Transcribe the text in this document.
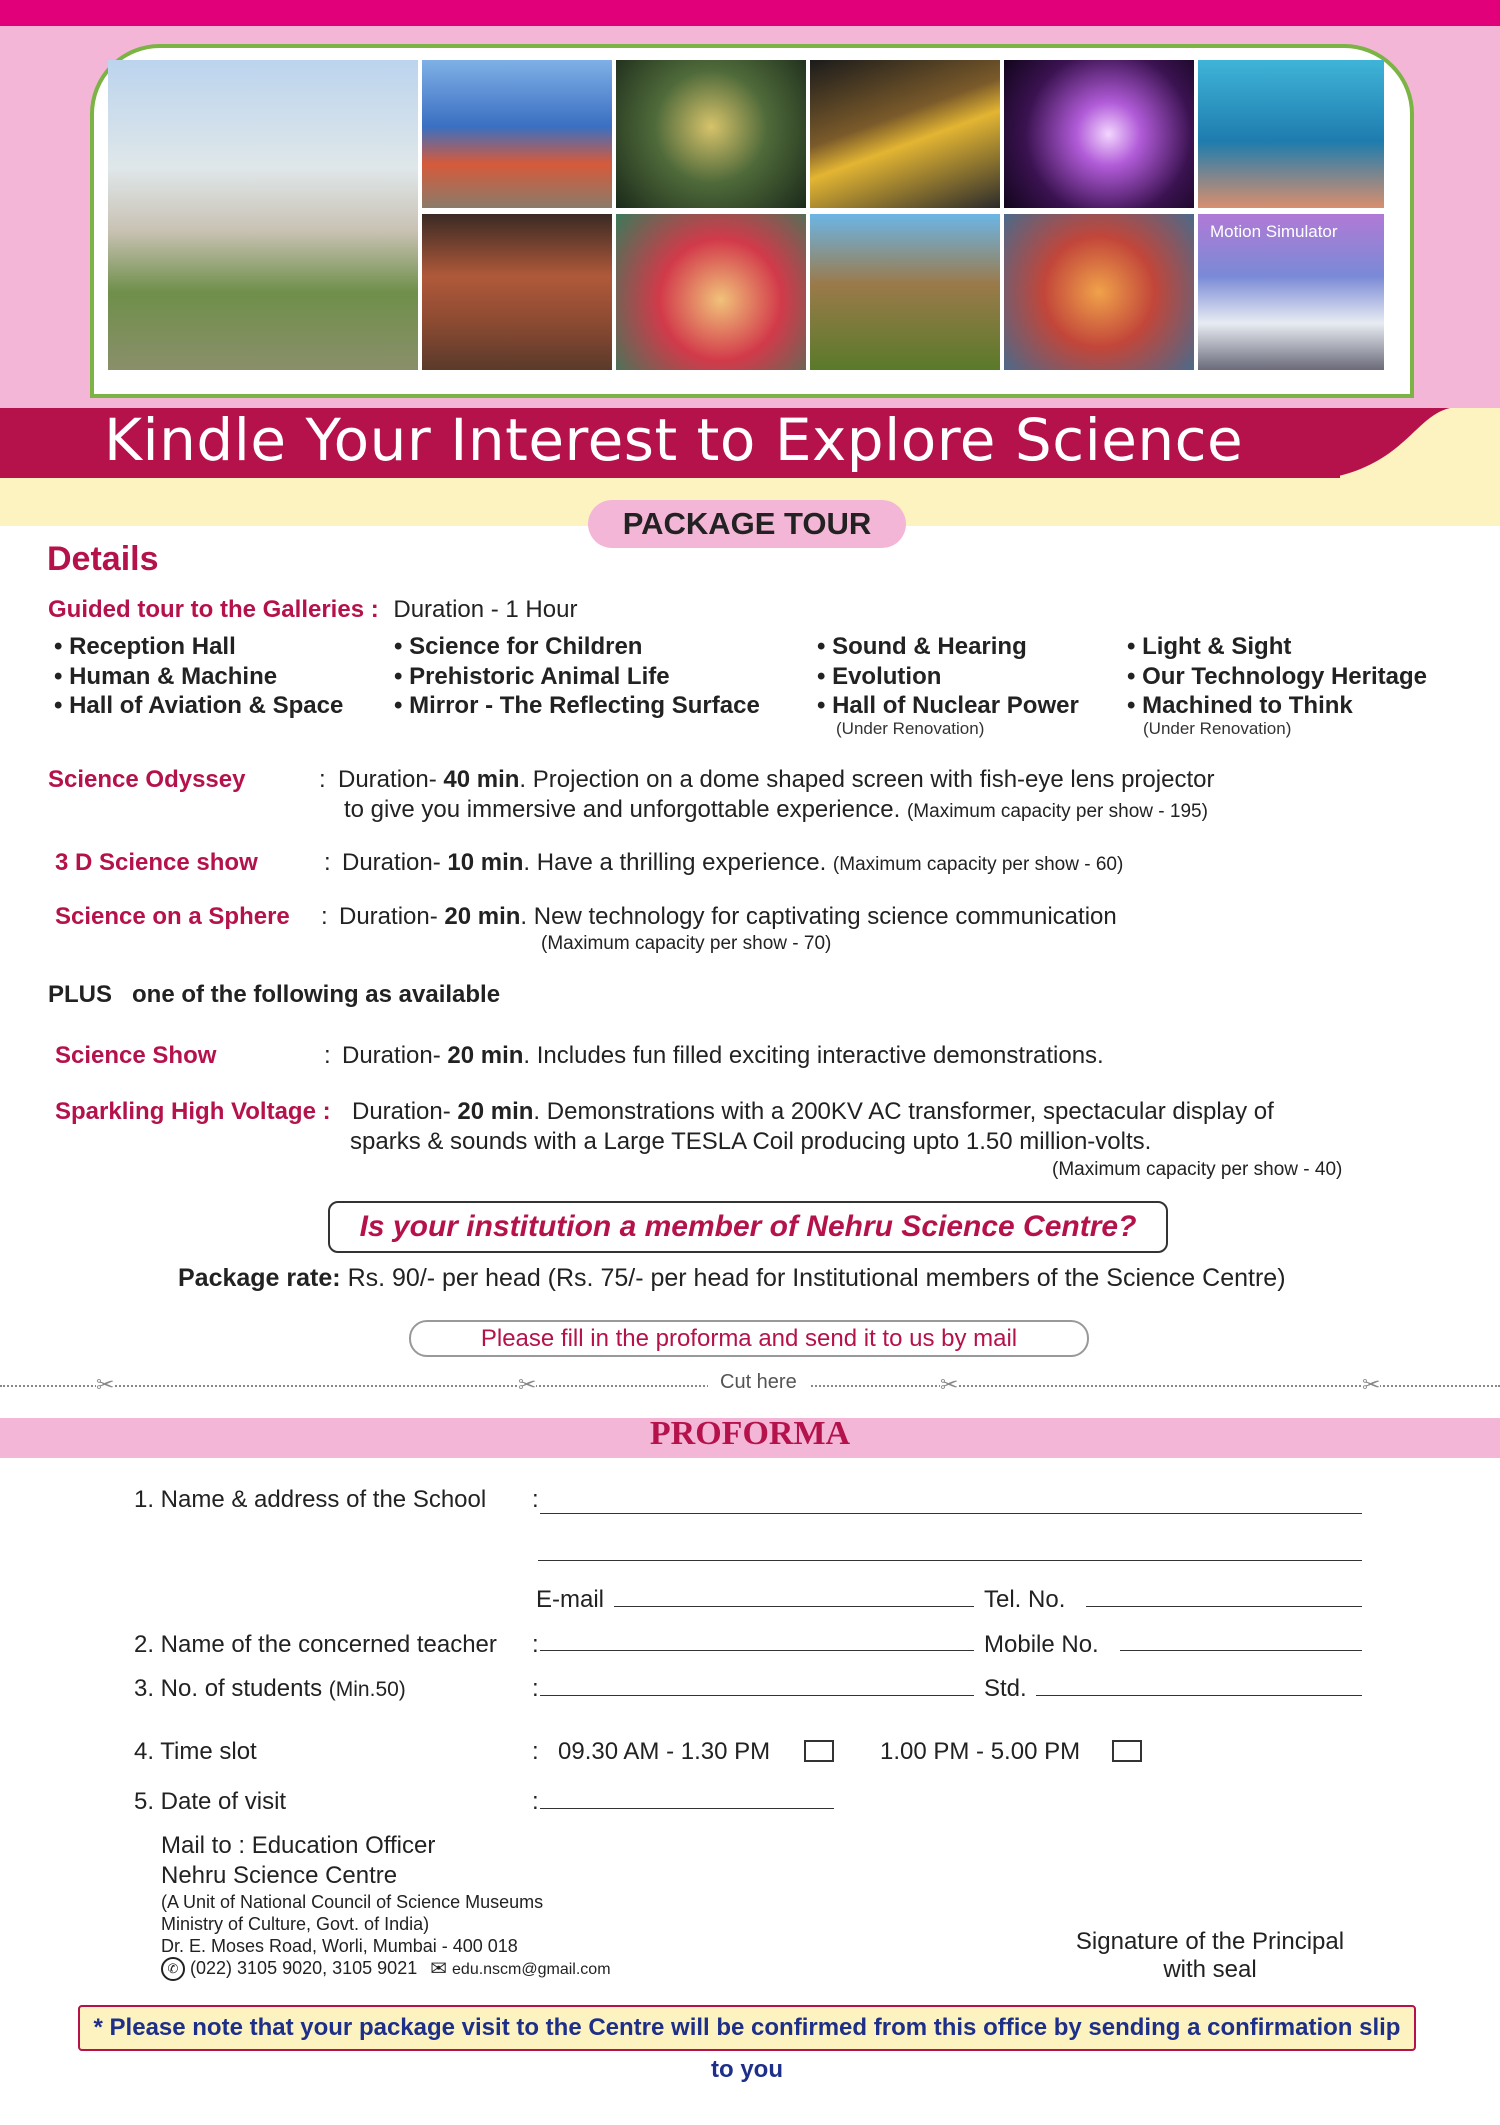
Motion Simulator
Kindle Your Interest to Explore Science
PACKAGE TOUR
Details
Guided tour to the Galleries : Duration - 1 Hour
• Reception Hall
• Human & Machine
• Hall of Aviation & Space
• Science for Children
• Prehistoric Animal Life
• Mirror - The Reflecting Surface
• Sound & Hearing
• Evolution
• Hall of Nuclear Power
(Under Renovation)
• Light & Sight
• Our Technology Heritage
• Machined to Think
(Under Renovation)
Science Odyssey	: Duration- 40 min. Projection on a dome shaped screen with fish-eye lens projector
to give you immersive and unforgottable experience. (Maximum capacity per show - 195)
3 D Science show	: Duration- 10 min. Have a thrilling experience. (Maximum capacity per show - 60)
Science on a Sphere : Duration- 20 min. New technology for captivating science communication
(Maximum capacity per show - 70)
PLUS   one of the following as available
Science Show	: Duration- 20 min. Includes fun filled exciting interactive demonstrations.
Sparkling High Voltage : Duration- 20 min. Demonstrations with a 200KV AC transformer, spectacular display of
sparks & sounds with a Large TESLA Coil producing upto 1.50 million-volts.
(Maximum capacity per show - 40)
Is your institution a member of Nehru Science Centre?
Package rate: Rs. 90/- per head (Rs. 75/- per head for Institutional members of the Science Centre)
Please fill in the proforma and send it to us by mail
✂	✂	✂	✂
Cut here
PROFORMA
1. Name & address of the School :
E-mail	Tel. No.
2. Name of the concerned teacher :	Mobile No.
3. No. of students (Min.50)	:	Std.
4. Time slot	: 09.30 AM - 1.30 PM	1.00 PM - 5.00 PM
5. Date of visit	:
Mail to : Education Officer
Nehru Science Centre
(A Unit of National Council of Science Museums
Ministry of Culture, Govt. of India)
Dr. E. Moses Road, Worli, Mumbai - 400 018
✆ (022) 3105 9020, 3105 9021 ✉ edu.nscm@gmail.com
Signature of the Principal
with seal
* Please note that your package visit to the Centre will be confirmed from this office by sending a confirmation slip to you
